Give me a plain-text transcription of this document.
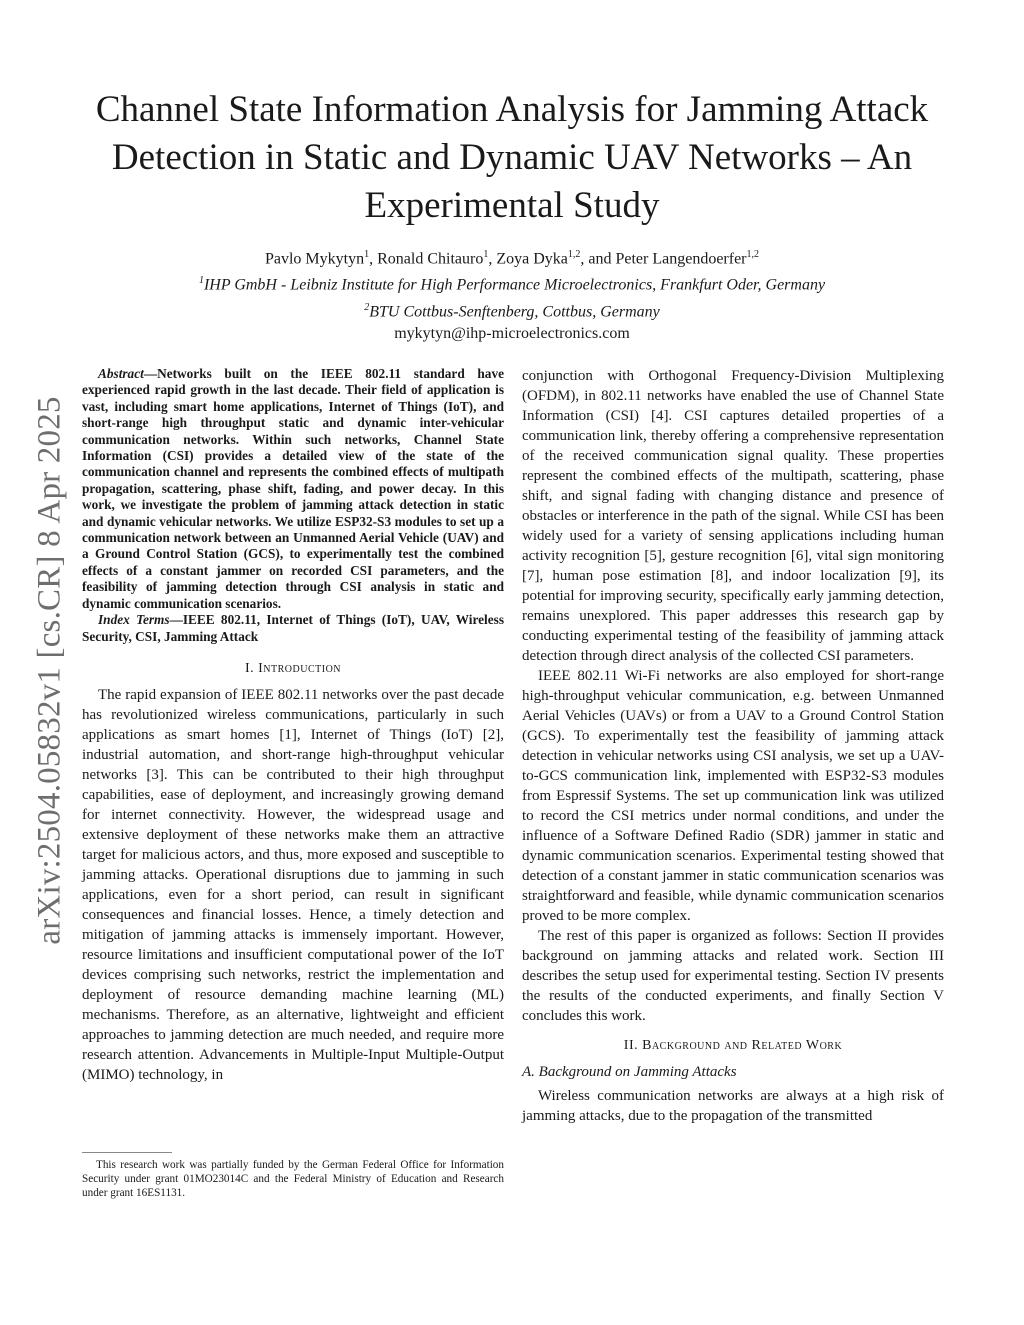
arXiv:2504.05832v1 [cs.CR] 8 Apr 2025
Channel State Information Analysis for Jamming Attack Detection in Static and Dynamic UAV Networks – An Experimental Study
Pavlo Mykytyn$^1$, Ronald Chitauro$^1$, Zoya Dyka$^{1,2}$, and Peter Langendoerfer$^{1,2}$
$^1$IHP GmbH - Leibniz Institute for High Performance Microelectronics, Frankfurt Oder, Germany
$^2$BTU Cottbus-Senftenberg, Cottbus, Germany
mykytyn@ihp-microelectronics.com

Abstract—Networks built on the IEEE 802.11 standard have experienced rapid growth in the last decade. Their field of application is vast, including smart home applications, Internet of Things (IoT), and short-range high throughput static and dynamic inter-vehicular communication networks. Within such networks, Channel State Information (CSI) provides a detailed view of the state of the communication channel and represents the combined effects of multipath propagation, scattering, phase shift, fading, and power decay. In this work, we investigate the problem of jamming attack detection in static and dynamic vehicular networks. We utilize ESP32-S3 modules to set up a communication network between an Unmanned Aerial Vehicle (UAV) and a Ground Control Station (GCS), to experimentally test the combined effects of a constant jammer on recorded CSI parameters, and the feasibility of jamming detection through CSI analysis in static and dynamic communication scenarios.

Index Terms—IEEE 802.11, Internet of Things (IoT), UAV, Wireless Security, CSI, Jamming Attack

I. Introduction

The rapid expansion of IEEE 802.11 networks over the past decade has revolutionized wireless communications, particularly in such applications as smart homes [1], Internet of Things (IoT) [2], industrial automation, and short-range high-throughput vehicular networks [3]. This can be contributed to their high throughput capabilities, ease of deployment, and increasingly growing demand for internet connectivity. However, the widespread usage and extensive deployment of these networks make them an attractive target for malicious actors, and thus, more exposed and susceptible to jamming attacks. Operational disruptions due to jamming in such applications, even for a short period, can result in significant consequences and financial losses. Hence, a timely detection and mitigation of jamming attacks is immensely important. However, resource limitations and insufficient computational power of the IoT devices comprising such networks, restrict the implementation and deployment of resource demanding machine learning (ML) mechanisms. Therefore, as an alternative, lightweight and efficient approaches to jamming detection are much needed, and require more research attention. Advancements in Multiple-Input Multiple-Output (MIMO) technology, in

This research work was partially funded by the German Federal Office for Information Security under grant 01MO23014C and the Federal Ministry of Education and Research under grant 16ES1131.

conjunction with Orthogonal Frequency-Division Multiplexing (OFDM), in 802.11 networks have enabled the use of Channel State Information (CSI) [4]. CSI captures detailed properties of a communication link, thereby offering a comprehensive representation of the received communication signal quality. These properties represent the combined effects of the multipath, scattering, phase shift, and signal fading with changing distance and presence of obstacles or interference in the path of the signal. While CSI has been widely used for a variety of sensing applications including human activity recognition [5], gesture recognition [6], vital sign monitoring [7], human pose estimation [8], and indoor localization [9], its potential for improving security, specifically early jamming detection, remains unexplored. This paper addresses this research gap by conducting experimental testing of the feasibility of jamming attack detection through direct analysis of the collected CSI parameters.

IEEE 802.11 Wi-Fi networks are also employed for short-range high-throughput vehicular communication, e.g. between Unmanned Aerial Vehicles (UAVs) or from a UAV to a Ground Control Station (GCS). To experimentally test the feasibility of jamming attack detection in vehicular networks using CSI analysis, we set up a UAV-to-GCS communication link, implemented with ESP32-S3 modules from Espressif Systems. The set up communication link was utilized to record the CSI metrics under normal conditions, and under the influence of a Software Defined Radio (SDR) jammer in static and dynamic communication scenarios. Experimental testing showed that detection of a constant jammer in static communication scenarios was straightforward and feasible, while dynamic communication scenarios proved to be more complex.

The rest of this paper is organized as follows: Section II provides background on jamming attacks and related work. Section III describes the setup used for experimental testing. Section IV presents the results of the conducted experiments, and finally Section V concludes this work.

II. Background and Related Work
A. Background on Jamming Attacks

Wireless communication networks are always at a high risk of jamming attacks, due to the propagation of the transmitted
